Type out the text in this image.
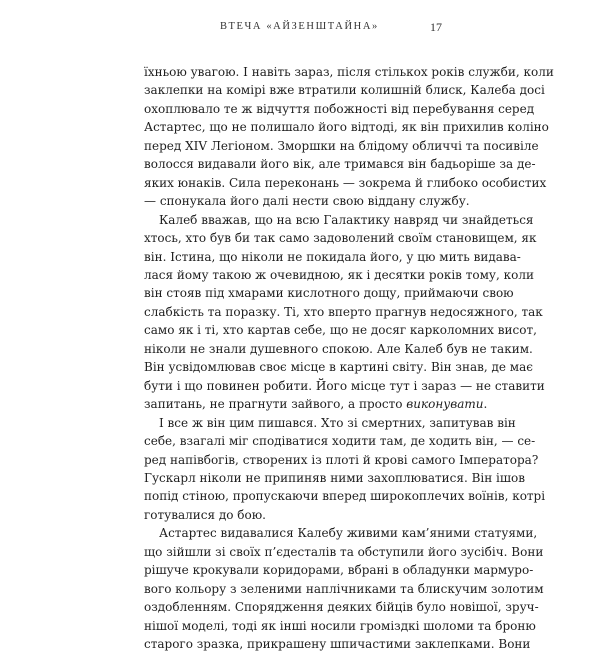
ВТЕЧА «АЙЗЕНШТАЙНА»	17
їхньою увагою. І навіть зараз, після стількох років служби, коли
заклепки на комірі вже втратили колишній блиск, Калеба досі
охоплювало те ж відчуття побожності від перебування серед
Астартес, що не полишало його відтоді, як він прихилив коліно
перед XIV Легіоном. Зморшки на блідому обличчі та посивіле
волосся видавали його вік, але тримався він бадьоріше за де-
яких юнаків. Сила переконань — зокрема й глибоко особистих
— спонукала його далі нести свою віддану службу.
Калеб вважав, що на всю Галактику навряд чи знайдеться
хтось, хто був би так само задоволений своїм становищем, як
він. Істина, що ніколи не покидала його, у цю мить видава-
лася йому такою ж очевидною, як і десятки років тому, коли
він стояв під хмарами кислотного дощу, приймаючи свою
слабкість та поразку. Ті, хто вперто прагнув недосяжного, так
само як і ті, хто картав себе, що не досяг карколомних висот,
ніколи не знали душевного спокою. Але Калеб був не таким.
Він усвідомлював своє місце в картині світу. Він знав, де має
бути і що повинен робити. Його місце тут і зараз — не ставити
запитань, не прагнути зайвого, а просто виконувати.
І все ж він цим пишався. Хто зі смертних, запитував він
себе, взагалі міг сподіватися ходити там, де ходить він, — се-
ред напівбогів, створених із плоті й крові самого Імператора?
Гускарл ніколи не припиняв ними захоплюватися. Він ішов
попід стіною, пропускаючи вперед широкоплечих воїнів, котрі
готувалися до бою.
Астартес видавалися Калебу живими кам’яними статуями,
що зійшли зі своїх п’єдесталів та обступили його зусібіч. Вони
рішуче крокували коридорами, вбрані в обладунки мармуро-
вого кольору з зеленими наплічниками та блискучим золотим
оздобленням. Спорядження деяких бійців було новішої, зруч-
нішої моделі, тоді як інші носили громіздкі шоломи та броню
старого зразка, прикрашену шпичастими заклепками. Вони
